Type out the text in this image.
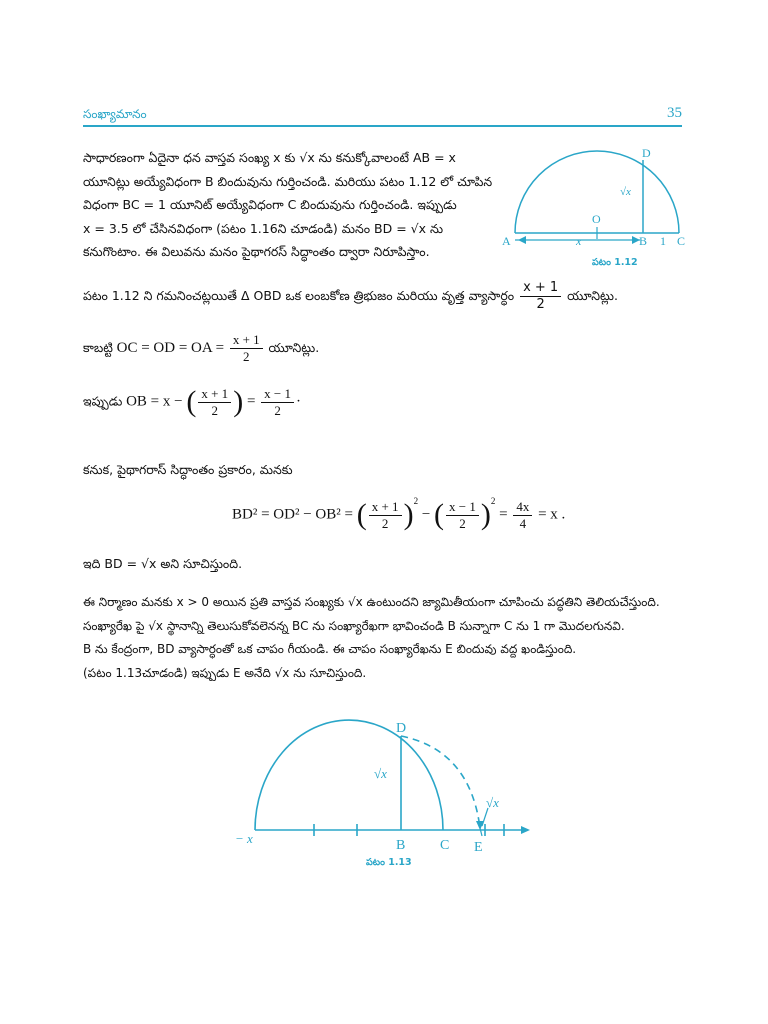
సంఖ్యామానం	35
D
√x
O
A	x	B 1 C
పటం 1.12

సాధారణంగా ఏదైనా ధన వాస్తవ సంఖ్య x కు √x ను కనుక్కోవాలంటే AB = x

యూనిట్లు అయ్యేవిధంగా B బిందువును గుర్తించండి. మరియు పటం 1.12 లో చూపిన

విధంగా BC = 1 యూనిట్ అయ్యేవిధంగా C బిందువును గుర్తించండి. ఇప్పుడు

x = 3.5 లో చేసినవిధంగా (పటం 1.16ని చూడండి) మనం BD = √x ను

కనుగొంటాం. ఈ విలువను మనం పైథాగరస్ సిద్ధాంతం ద్వారా నిరూపిస్తాం.

పటం 1.12 ని గమనించట్లయితే Δ OBD ఒక లంబకోణ త్రిభుజం మరియు వృత్త వ్యాసార్ధం $\frac{x + 1}{2}$ యూనిట్లు.
కాబట్టి OC = OD = OA = $\frac{x + 1}{2}$ యూనిట్లు.
ఇప్పుడు OB = x − ( $\frac{x + 1}{2}$ ) = $\frac{x - 1}{2}$ ·
కనుక, పైథాగరాస్ సిద్ధాంతం ప్రకారం, మనకు
BD² = OD² − OB² = ( $\frac{x + 1}{2} )^2$ − ( $\frac{x - 1}{2} )^2 = \frac{4x}{4} = x$ .
ఇది BD = √x అని సూచిస్తుంది.

ఈ నిర్మాణం మనకు x > 0 అయిన ప్రతి వాస్తవ సంఖ్యకు √x ఉంటుందని జ్యామితీయంగా చూపించు పద్ధతిని తెలియచేస్తుంది.

సంఖ్యారేఖ పై √x స్థానాన్ని తెలుసుకోవలెనన్న BC ను సంఖ్యారేఖగా భావించండి B సున్నాగా C ను 1 గా మొదలగునవి.

B ను కేంద్రంగా, BD వ్యాసార్ధంతో ఒక చాపం గీయండి. ఈ చాపం సంఖ్యారేఖను E బిందువు వద్ద ఖండిస్తుంది.

(పటం 1.13చూడండి) ఇప్పుడు E అనేది √x ను సూచిస్తుంది.

D
√x
√x
− x	B C E
పటం 1.13
